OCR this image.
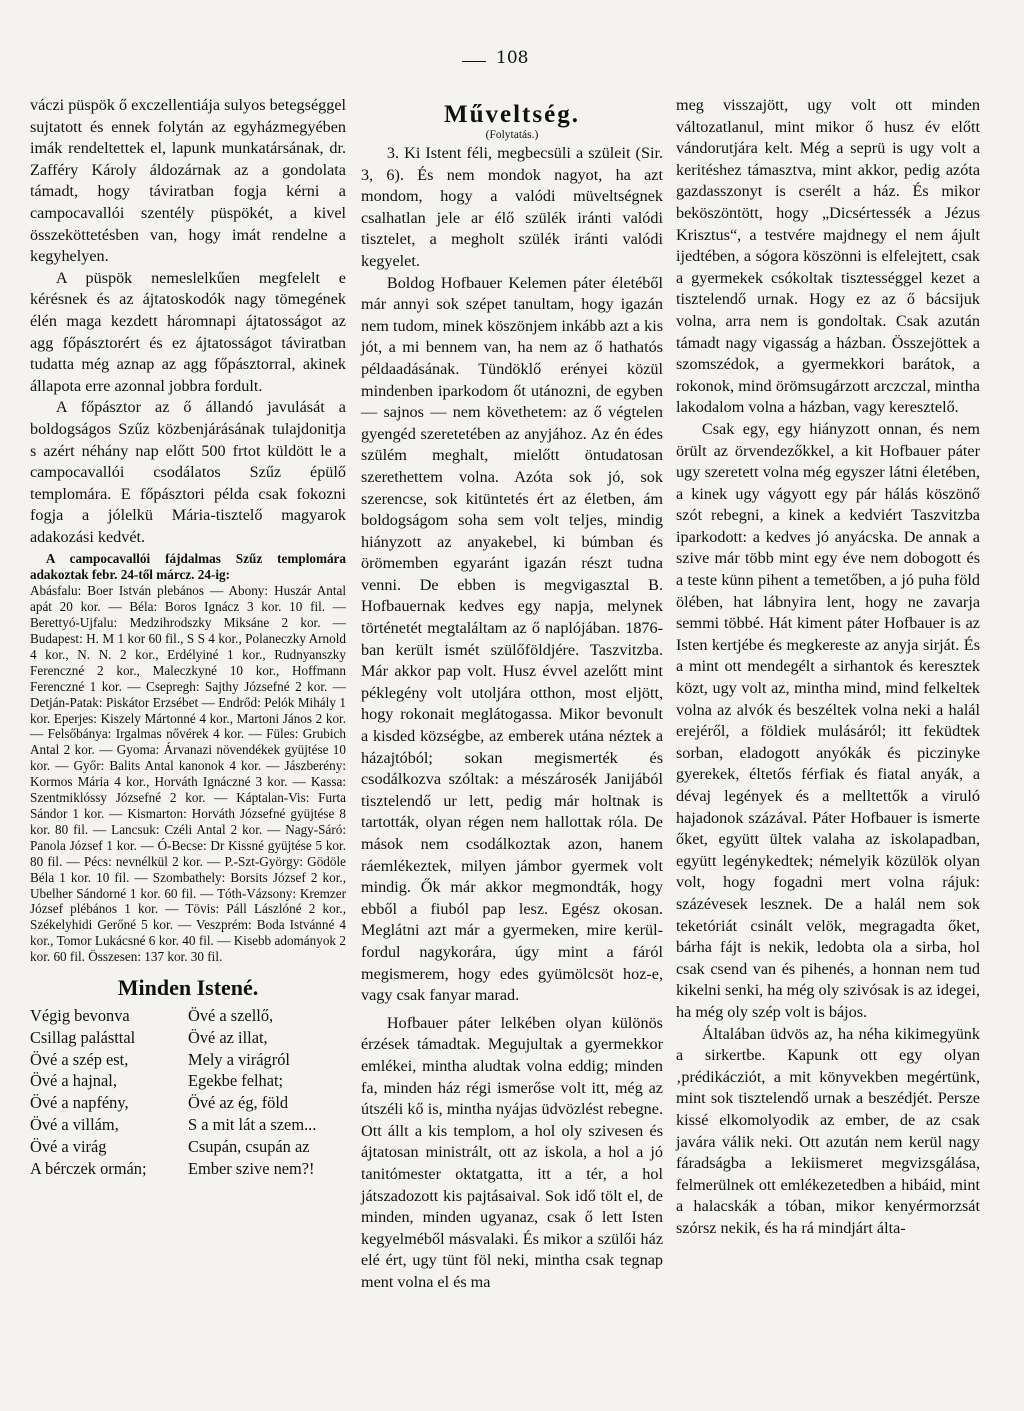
108

váczi püspök ő exczellentiája sulyos betegséggel sujtatott és ennek folytán az egyházmegyében imák rendeltettek el, lapunk munkatársának, dr. Zafféry Károly áldozárnak az a gondolata támadt, hogy táviratban fogja kérni a campocavallói szentély püspökét, a kivel összeköttetésben van, hogy imát rendelne a kegyhelyen.

A püspök nemeslelkűen megfelelt e kérésnek és az ájtatoskodók nagy tömegének élén maga kezdett háromnapi ájtatosságot az agg főpásztorért és ez ájtatosságot táviratban tudatta még aznap az agg főpásztorral, akinek állapota erre azonnal jobbra fordult.

A főpásztor az ő állandó javulását a boldogságos Szűz közbenjárásának tulajdonitja s azért néhány nap előtt 500 frtot küldött le a campocavallói csodálatos Szűz épülő templomára. E főpásztori példa csak fokozni fogja a jólelkü Mária-tisztelő magyarok adakozási kedvét.

A campocavallói fájdalmas Szűz templomára adakoztak febr. 24-től márcz. 24-ig:

Abásfalu: Boer István plebános — Abony: Huszár Antal apát 20 kor. — Béla: Boros Ignácz 3 kor. 10 fil. — Berettyó-Ujfalu: Medzihrodszky Miksáne 2 kor. — Budapest: H. M 1 kor 60 fil., S S 4 kor., Polaneczky Arnold 4 kor., N. N. 2 kor., Erdélyiné 1 kor., Rudnyanszky Ferenczné 2 kor., Maleczkyné 10 kor., Hoffmann Ferenczné 1 kor. — Csepregh: Sajthy Józsefné 2 kor. — Detján-Patak: Piskátor Erzsébet — Endrőd: Pelók Mihály 1 kor. Eperjes: Kiszely Mártonné 4 kor., Martoni János 2 kor. — Felsőbánya: Irgalmas nővérek 4 kor. — Füles: Grubich Antal 2 kor. — Gyoma: Árvanazi növendékek gyüjtése 10 kor. — Győr: Balits Antal kanonok 4 kor. — Jászberény: Kormos Mária 4 kor., Horváth Ignáczné 3 kor. — Kassa: Szentmiklóssy Józsefné 2 kor. — Káptalan-Vis: Furta Sándor 1 kor. — Kismarton: Horváth Józsefné gyüjtése 8 kor. 80 fil. — Lancsuk: Czéli Antal 2 kor. — Nagy-Sáró: Panola József 1 kor. — Ó-Becse: Dr Kissné gyüjtése 5 kor. 80 fil. — Pécs: nevnélkül 2 kor. — P.-Szt-György: Gödöle Béla 1 kor. 10 fil. — Szombathely: Borsits József 2 kor., Ubelher Sándorné 1 kor. 60 fil. — Tóth-Vázsony: Kremzer József plébános 1 kor. — Tövis: Páll Lászlóné 2 kor., Székelyhidi Gerőné 5 kor. — Veszprém: Boda Istvánné 4 kor., Tomor Lukácsné 6 kor. 40 fil. — Kisebb adományok 2 kor. 60 fil. Összesen: 137 kor. 30 fil.

Minden Istené.
Végig bevonva	Övé a szellő,
Csillag palásttal	Övé az illat,
Övé a szép est,	Mely a virágról
Övé a hajnal,	Egekbe felhat;
Övé a napfény,	Övé az ég, föld
Övé a villám,	S a mit lát a szem...
Övé a virág	Csupán, csupán az
A bérczek ormán;	Ember szive nem?!
Műveltség.
(Folytatás.)

3. Ki Istent féli, megbecsüli a szüleit (Sir. 3, 6). És nem mondok nagyot, ha azt mondom, hogy a valódi müveltségnek csalhatlan jele ar élő szülék iránti valódi tisztelet, a megholt szülék iránti valódi kegyelet.

Boldog Hofbauer Kelemen páter életéből már annyi sok szépet tanultam, hogy igazán nem tudom, minek köszönjem inkább azt a kis jót, a mi bennem van, ha nem az ő hathatós példaadásának. Tündöklő erényei közül mindenben iparkodom őt utánozni, de egyben — sajnos — nem követhetem: az ő végtelen gyengéd szeretetében az anyjához. Az én édes szülém meghalt, mielőtt öntudatosan szerethettem volna. Azóta sok jó, sok szerencse, sok kitüntetés ért az életben, ám boldogságom soha sem volt teljes, mindig hiányzott az anyakebel, ki búmban és örömemben egyaránt igazán részt tudna venni. De ebben is megvigasztal B. Hofbauernak kedves egy napja, melynek történetét megtaláltam az ő naplójában. 1876-ban került ismét szülőföldjére. Taszvitzba. Már akkor pap volt. Husz évvel azelőtt mint péklegény volt utoljára otthon, most eljött, hogy rokonait meglátogassa. Mikor bevonult a kisded községbe, az emberek utána néztek a házajtóból; sokan megismerték és csodálkozva szóltak: a mészárosék Janijából tisztelendő ur lett, pedig már holtnak is tartották, olyan régen nem hallottak róla. De mások nem csodálkoztak azon, hanem ráemlékeztek, milyen jámbor gyermek volt mindig. Ők már akkor megmondták, hogy ebből a fiuból pap lesz. Egész okosan. Meglátni azt már a gyermeken, mire kerül-fordul nagykorára, úgy mint a fáról megismerem, hogy edes gyümölcsöt hoz-e, vagy csak fanyar marad.

Hofbauer páter lelkében olyan különös érzések támadtak. Megujultak a gyermekkor emlékei, mintha aludtak volna eddig; minden fa, minden ház régi ismerőse volt itt, még az útszéli kő is, mintha nyájas üdvözlést rebegne. Ott állt a kis templom, a hol oly szivesen és ájtatosan ministrált, ott az iskola, a hol a jó tanitómester oktatgatta, itt a tér, a hol játszadozott kis pajtásaival. Sok idő tölt el, de minden, minden ugyanaz, csak ő lett Isten kegyelméből másvalaki. És mikor a szülői ház elé ért, ugy tünt föl neki, mintha csak tegnap ment volna el és ma

meg visszajött, ugy volt ott minden változatlanul, mint mikor ő husz év előtt vándorutjára kelt. Még a seprü is ugy volt a keritéshez támasztva, mint akkor, pedig azóta gazdasszonyt is cserélt a ház. És mikor beköszöntött, hogy „Dicsértessék a Jézus Krisztus“, a testvére majdnegy el nem ájult ijedtében, a sógora köszönni is elfelejtett, csak a gyermekek csókoltak tisztességgel kezet a tisztelendő urnak. Hogy ez az ő bácsijuk volna, arra nem is gondoltak. Csak azután támadt nagy vigasság a házban. Összejöttek a szomszédok, a gyermekkori barátok, a rokonok, mind örömsugárzott arczczal, mintha lakodalom volna a házban, vagy keresztelő.

Csak egy, egy hiányzott onnan, és nem örült az örvendezőkkel, a kit Hofbauer páter ugy szeretett volna még egyszer látni életében, a kinek ugy vágyott egy pár hálás köszönő szót rebegni, a kinek a kedviért Taszvitzba iparkodott: a kedves jó anyácska. De annak a szive már több mint egy éve nem dobogott és a teste künn pihent a temetőben, a jó puha föld ölében, hat lábnyira lent, hogy ne zavarja semmi többé. Hát kiment páter Hofbauer is az Isten kertjébe és megkereste az anyja sirját. És a mint ott mendegélt a sirhantok és keresztek közt, ugy volt az, mintha mind, mind felkeltek volna az alvók és beszéltek volna neki a halál erejéről, a földiek mulásáról; itt feküdtek sorban, eladogott anyókák és piczinyke gyerekek, éltetős férfiak és fiatal anyák, a dévaj legények és a melltettők a viruló hajadonok százával. Páter Hofbauer is ismerte őket, együtt ültek valaha az iskolapadban, együtt legénykedtek; némelyik közülök olyan volt, hogy fogadni mert volna rájuk: százévesek lesznek. De a halál nem sok teketóriát csinált velök, megragadta őket, bárha fájt is nekik, ledobta ola a sirba, hol csak csend van és pihenés, a honnan nem tud kikelni senki, ha még oly szivósak is az idegei, ha még oly szép volt is bájos.

Általában üdvös az, ha néha kikimegyünk a sirkertbe. Kapunk ott egy olyan ‚prédikácziót, a mit könyvekben megértünk, mint sok tisztelendő urnak a beszédjét. Persze kissé elkomolyodik az ember, de az csak javára válik neki. Ott azután nem kerül nagy fáradságba a lekiismeret megvizsgálása, felmerülnek ott emlékezetedben a hibáid, mint a halacskák a tóban, mikor kenyérmorzsát szórsz nekik, és ha rá mindjárt álta-
